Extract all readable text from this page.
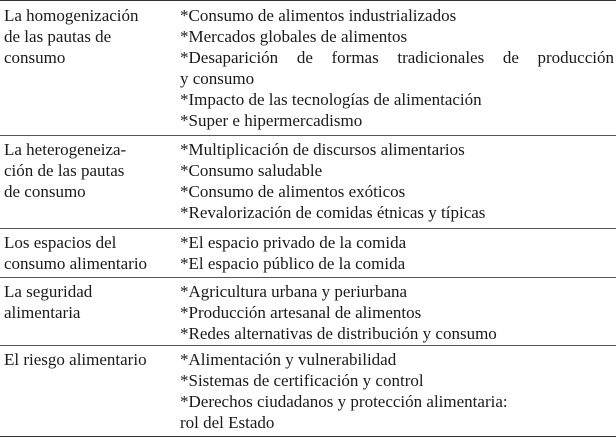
La homogenización
de las pautas de
consumo
*Consumo de alimentos industrializados
*Mercados globales de alimentos
*Desaparición de formas tradicionales de producción
y consumo
*Impacto de las tecnologías de alimentación
*Super e hipermercadismo
La heterogeneiza-
ción de las pautas
de consumo
*Multiplicación de discursos alimentarios
*Consumo saludable
*Consumo de alimentos exóticos
*Revalorización de comidas étnicas y típicas
Los espacios del
consumo alimentario
*El espacio privado de la comida
*El espacio público de la comida
La seguridad
alimentaria
*Agricultura urbana y periurbana
*Producción artesanal de alimentos
*Redes alternativas de distribución y consumo
El riesgo alimentario	*Alimentación y vulnerabilidad
*Sistemas de certificación y control
*Derechos ciudadanos y protección alimentaria:
rol del Estado
